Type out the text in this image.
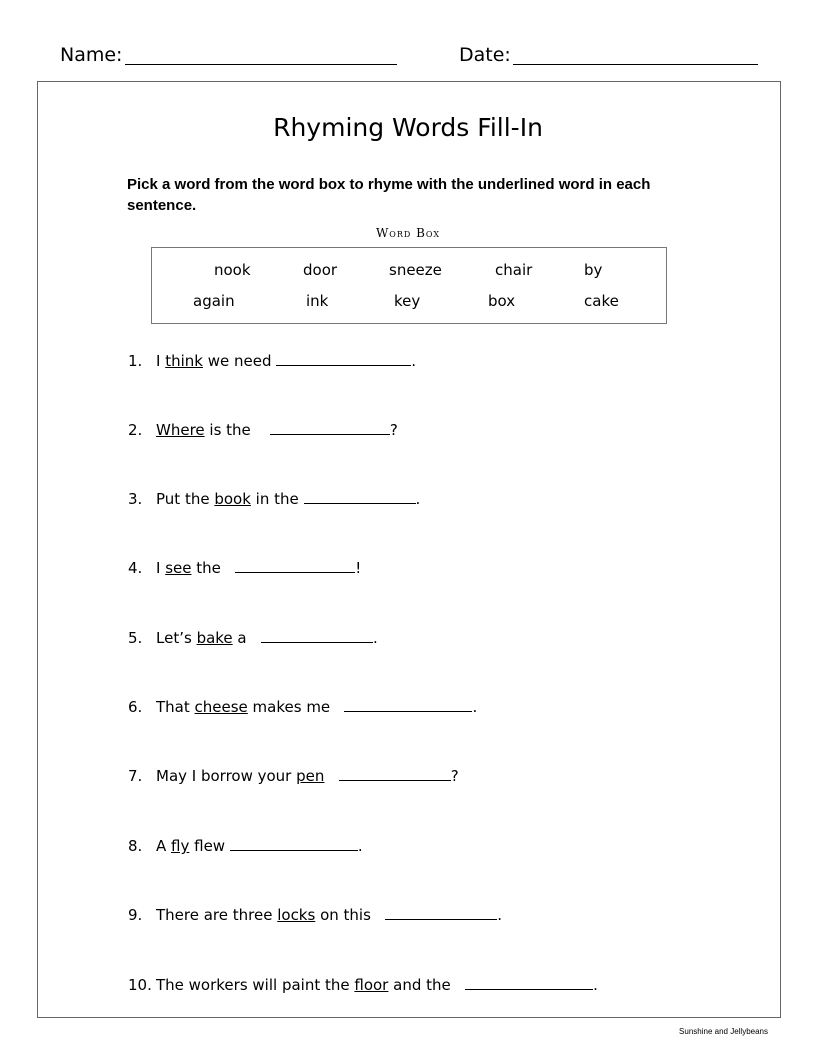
Name:	Date:
Rhyming Words Fill-In
Pick a word from the word box to rhyme with the underlined word in each sentence.
Word Box
nook	door	sneeze	chair	by
again	ink	key	box	cake
1. I think we need	.
2. Where is the	?
3. Put the book in the	.
4. I see the	!
5. Let’s bake a	.
6. That cheese makes me	.
7. May I borrow your pen	?
8. A fly flew	.
9. There are three locks on this	.
10. The workers will paint the floor and the	.
Sunshine and Jellybeans
